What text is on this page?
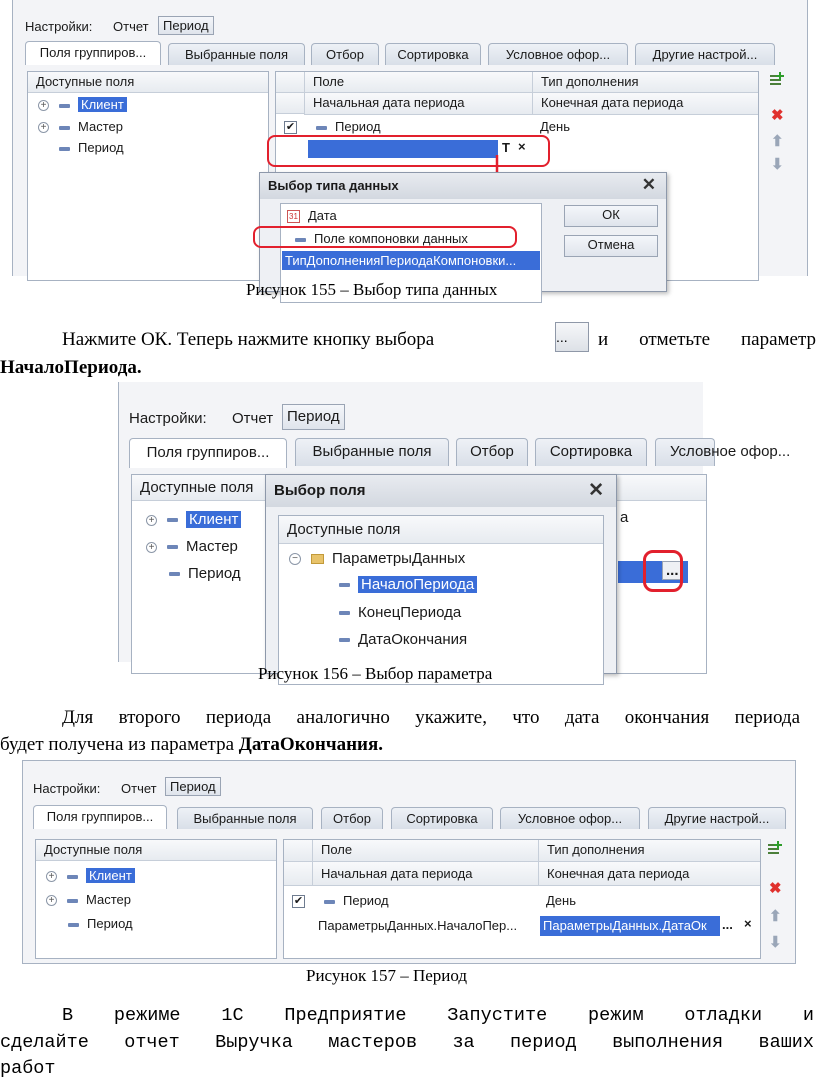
Настройки: Отчет	Период
Поля группиров...	Выбранные поля	Отбор	Сортировка	Условное офор...	Другие настрой...
Доступные поля
+	Клиент
+ Мастер
Период
Поле	Тип дополнения
Начальная дата периода	Конечная дата периода
✔	Период	День
T ×
✖
⬆
⬇
Выбор типа данных	✕
31 Дата
Поле компоновки данных
ТипДополненияПериодаКомпоновки...
ОК
Отмена
Рисунок 155 – Выбор типа данных
Нажмите ОК. Теперь нажмите кнопку выбора	...	и отметьте параметр
НачалоПериода.
Настройки: Отчет Период
Поля группиров...	Выбранные поля	Отбор	Сортировка	Условное офор...
Доступные поля
+ Клиент
+ Мастер
Период
а
...
Выбор поля	✕
Доступные поля
− ПараметрыДанных
НачалоПериода
КонецПериода
ДатаОкончания
Рисунок 156 – Выбор параметра
Для второго периода аналогично укажите, что дата окончания периода
будет получена из параметра ДатаОкончания.
Настройки: Отчет	Период
Поля группиров...	Выбранные поля	Отбор	Сортировка	Условное офор...	Другие настрой...
Доступные поля
+	Клиент
+ Мастер
Период
Поле	Тип дополнения
Начальная дата периода	Конечная дата периода
✔	Период	День
ПараметрыДанных.НачалоПер...	ПараметрыДанных.ДатаОк	... ×
✖
⬆
⬇
Рисунок 157 – Период
В режиме 1С Предприятие Запустите режим отладки и
сделайте отчет Выручка мастеров за период выполнения ваших
работ
